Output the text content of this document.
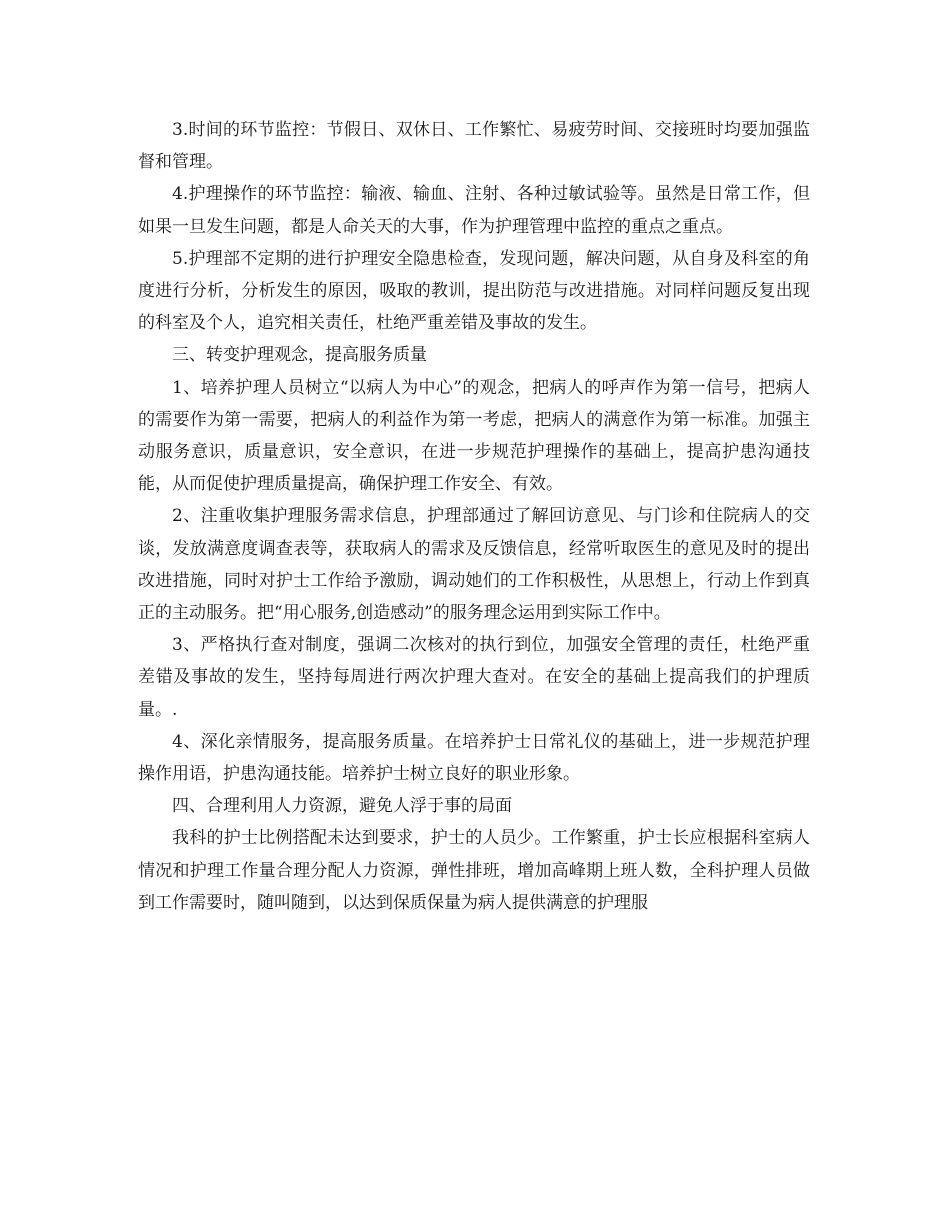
3.时间的环节监控：节假日、双休日、工作繁忙、易疲劳时间、交接班时均要加强监督和管理。

4.护理操作的环节监控：输液、输血、注射、各种过敏试验等。虽然是日常工作，但如果一旦发生问题，都是人命关天的大事，作为护理管理中监控的重点之重点。

5.护理部不定期的进行护理安全隐患检查，发现问题，解决问题，从自身及科室的角度进行分析，分析发生的原因，吸取的教训，提出防范与改进措施。对同样问题反复出现的科室及个人，追究相关责任，杜绝严重差错及事故的发生。

三、转变护理观念，提高服务质量

1、培养护理人员树立“以病人为中心”的观念，把病人的呼声作为第一信号，把病人的需要作为第一需要，把病人的利益作为第一考虑，把病人的满意作为第一标准。加强主动服务意识，质量意识，安全意识，在进一步规范护理操作的基础上，提高护患沟通技能，从而促使护理质量提高，确保护理工作安全、有效。

2、注重收集护理服务需求信息，护理部通过了解回访意见、与门诊和住院病人的交谈，发放满意度调查表等，获取病人的需求及反馈信息，经常听取医生的意见及时的提出改进措施，同时对护士工作给予激励，调动她们的工作积极性，从思想上，行动上作到真正的主动服务。把“用心服务,创造感动”的服务理念运用到实际工作中。

3、严格执行查对制度，强调二次核对的执行到位，加强安全管理的责任，杜绝严重差错及事故的发生，坚持每周进行两次护理大查对。在安全的基础上提高我们的护理质量。.

4、深化亲情服务，提高服务质量。在培养护士日常礼仪的基础上，进一步规范护理操作用语，护患沟通技能。培养护士树立良好的职业形象。

四、合理利用人力资源，避免人浮于事的局面

我科的护士比例搭配未达到要求，护士的人员少。工作繁重，护士长应根据科室病人情况和护理工作量合理分配人力资源，弹性排班，增加高峰期上班人数，全科护理人员做到工作需要时，随叫随到，以达到保质保量为病人提供满意的护理服
